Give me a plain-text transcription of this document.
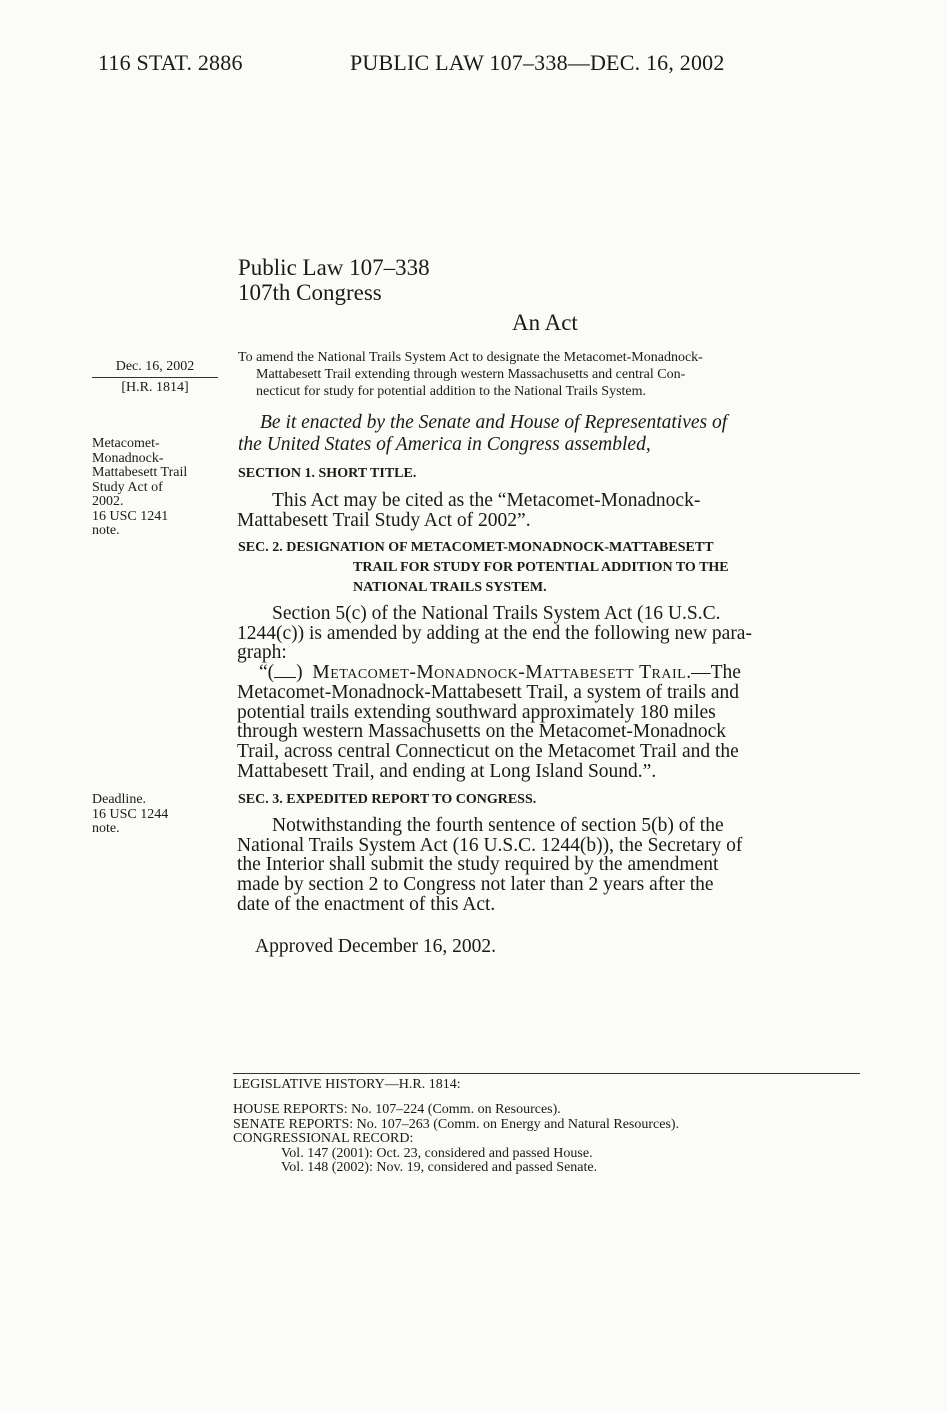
116 STAT. 2886	PUBLIC LAW 107–338—DEC. 16, 2002
Public Law 107–338
107th Congress
An Act
Dec. 16, 2002
[H.R. 1814]
To amend the National Trails System Act to designate the Metacomet-Monadnock-
Mattabesett Trail extending through western Massachusetts and central Con-
necticut for study for potential addition to the National Trails System.
Metacomet-
Monadnock-
Mattabesett Trail
Study Act of
2002.
16 USC 1241
note.
Be it enacted by the Senate and House of Representatives of
the United States of America in Congress assembled,
SECTION 1. SHORT TITLE.
This Act may be cited as the “Metacomet-Monadnock-
Mattabesett Trail Study Act of 2002”.
SEC. 2. DESIGNATION OF METACOMET-MONADNOCK-MATTABESETT
TRAIL FOR STUDY FOR POTENTIAL ADDITION TO THE
NATIONAL TRAILS SYSTEM.
Section 5(c) of the National Trails System Act (16 U.S.C.
1244(c)) is amended by adding at the end the following new para-
graph:
“( ) Metacomet-Monadnock-Mattabesett Trail.—The
Metacomet-Monadnock-Mattabesett Trail, a system of trails and
potential trails extending southward approximately 180 miles
through western Massachusetts on the Metacomet-Monadnock
Trail, across central Connecticut on the Metacomet Trail and the
Mattabesett Trail, and ending at Long Island Sound.”.
Deadline.
16 USC 1244
note.
SEC. 3. EXPEDITED REPORT TO CONGRESS.
Notwithstanding the fourth sentence of section 5(b) of the
National Trails System Act (16 U.S.C. 1244(b)), the Secretary of
the Interior shall submit the study required by the amendment
made by section 2 to Congress not later than 2 years after the
date of the enactment of this Act.
Approved December 16, 2002.
LEGISLATIVE HISTORY—H.R. 1814:
HOUSE REPORTS: No. 107–224 (Comm. on Resources).
SENATE REPORTS: No. 107–263 (Comm. on Energy and Natural Resources).
CONGRESSIONAL RECORD:
Vol. 147 (2001): Oct. 23, considered and passed House.
Vol. 148 (2002): Nov. 19, considered and passed Senate.
